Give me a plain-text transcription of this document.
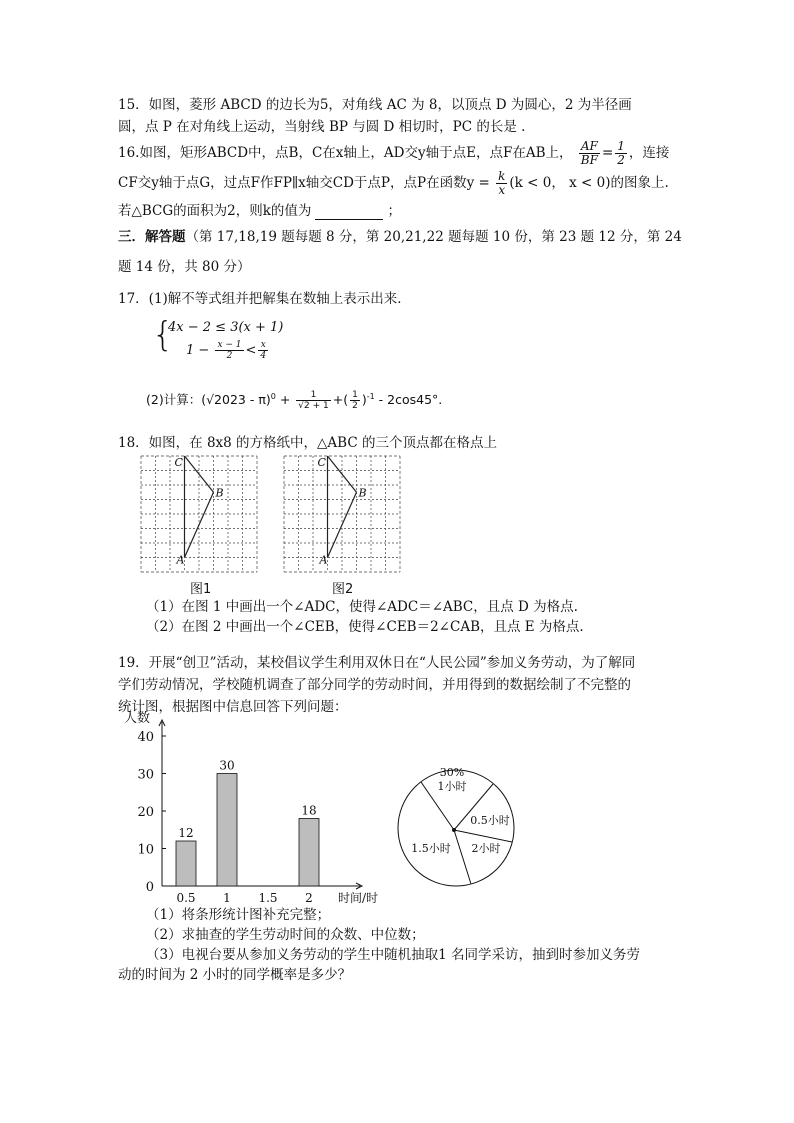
15．如图，菱形 ABCD 的边长为5，对角线 AC 为 8，以顶点 D 为圆心，2 为半径画
圆，点 P 在对角线上运动，当射线 BP 与圆 D 相切时，PC 的长是 .
16.如图，矩形ABCD中，点B，C在x轴上，AD交y轴于点E，点F在AB上， $\frac{AF}{BF} = \frac{1}{2}$ ，连接
CF交y轴于点G，过点F作FP∥x轴交CD于点P，点P在函数$y = \frac{k}{x} (k < 0$， x < 0)的图象上.
若△BCG的面积为2，则k的值为	；
三．解答题（第 17,18,19 题每题 8 分，第 20,21,22 题每题 10 份，第 23 题 12 分，第 24
题 14 份，共 80 分）
17．(1)解不等式组并把解集在数轴上表示出来．
{
4x − 2 ≤ 3(x + 1)
$1 - \frac{x - 1}{2} < \frac{x}{4}$
(2)计算：$(√2023 - \pi)^0 + \frac{1}{√2 + 1}$ +( $\frac{1}{2} )^{-1} - 2\cos 45^\circ$.
18．如图，在 8x8 的方格纸中，△ABC 的三个顶点都在格点上
A
B
C
A
B
C
图1	图2
（1）在图 1 中画出一个∠ADC，使得∠ADC＝∠ABC，且点 D 为格点.
（2）在图 2 中画出一个∠CEB，使得∠CEB＝2∠CAB，且点 E 为格点.
19．开展“创卫”活动，某校倡议学生利用双休日在“人民公园”参加义务劳动，为了解同
学们劳动情况，学校随机调查了部分同学的劳动时间，并用得到的数据绘制了不完整的
统计图，根据图中信息回答下列问题：
人数
0
10
20
30
40
0.5
12
1
30
1.5 2
18
时间/时
1小时
30%
0.5小时
2小时
1.5小时
（1）将条形统计图补充完整；
（2）求抽查的学生劳动时间的众数、中位数；
（3）电视台要从参加义务劳动的学生中随机抽取1 名同学采访，抽到时参加义务劳
动的时间为 2 小时的同学概率是多少？
